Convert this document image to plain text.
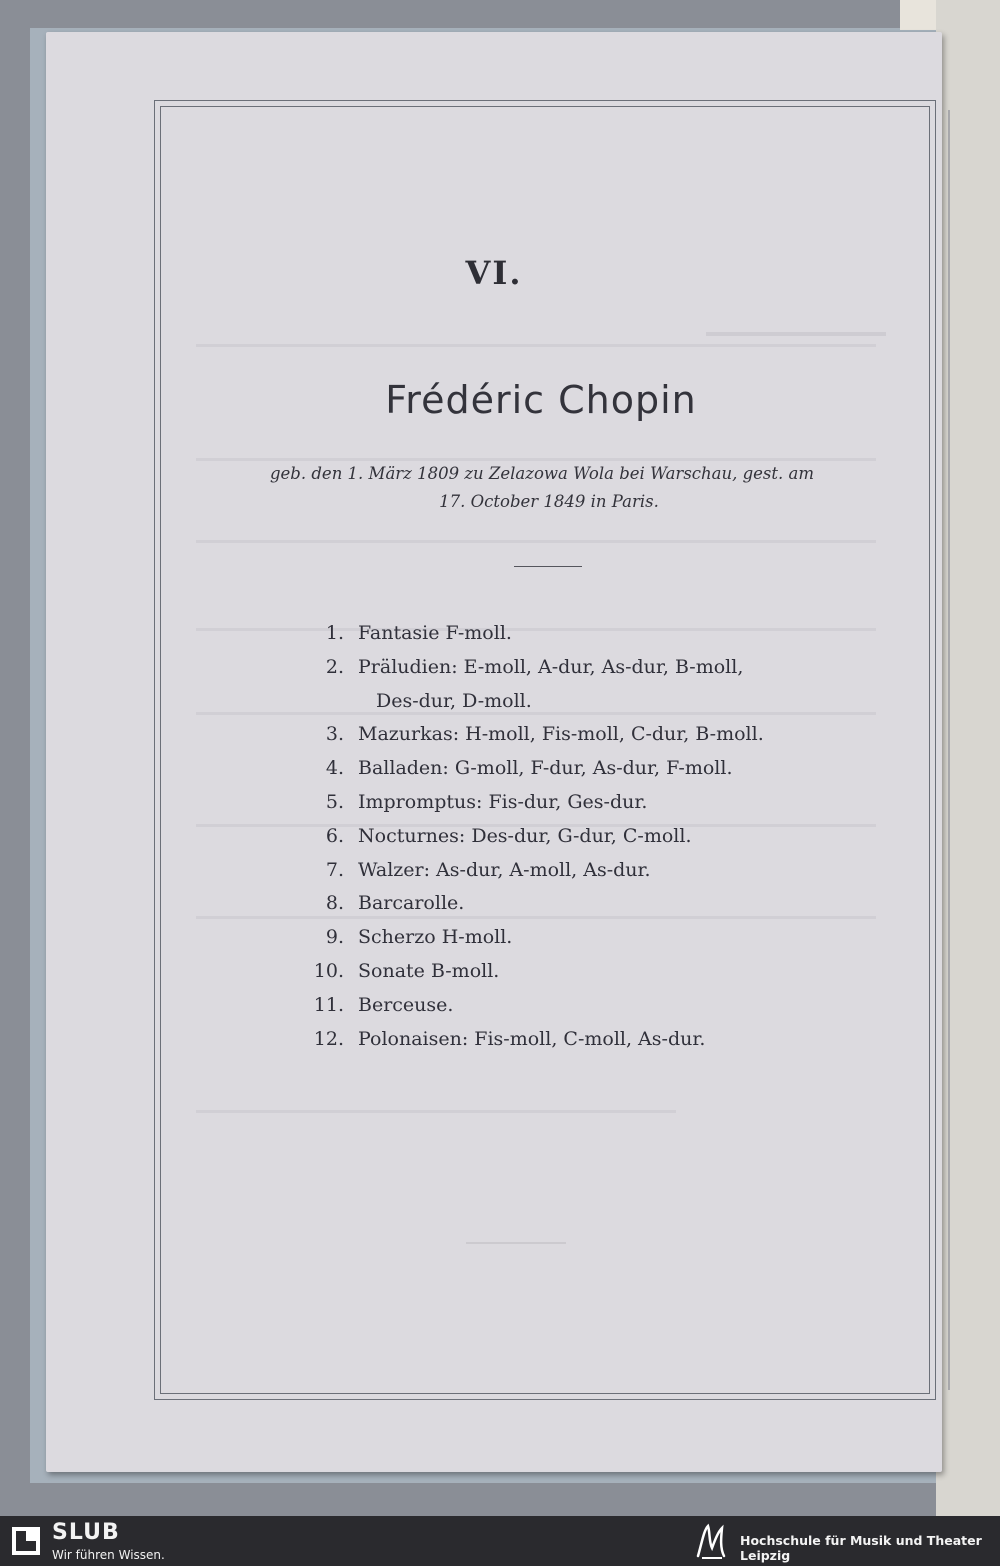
VI.
Frédéric Chopin
geb. den 1. März 1809 zu Zelazowa Wola bei Warschau, gest. am
17. October 1849 in Paris.
1. Fantasie F-moll.
2. Präludien: E-moll, A-dur, As-dur, B-moll,
Des-dur, D-moll.
3. Mazurkas: H-moll, Fis-moll, C-dur, B-moll.
4. Balladen: G-moll, F-dur, As-dur, F-moll.
5. Impromptus: Fis-dur, Ges-dur.
6. Nocturnes: Des-dur, G-dur, C-moll.
7. Walzer: As-dur, A-moll, As-dur.
8. Barcarolle.
9. Scherzo H-moll.
10. Sonate B-moll.
11. Berceuse.
12. Polonaisen: Fis-moll, C-moll, As-dur.
SLUB
Wir führen Wissen.
Hochschule für Musik und Theater Leipzig
